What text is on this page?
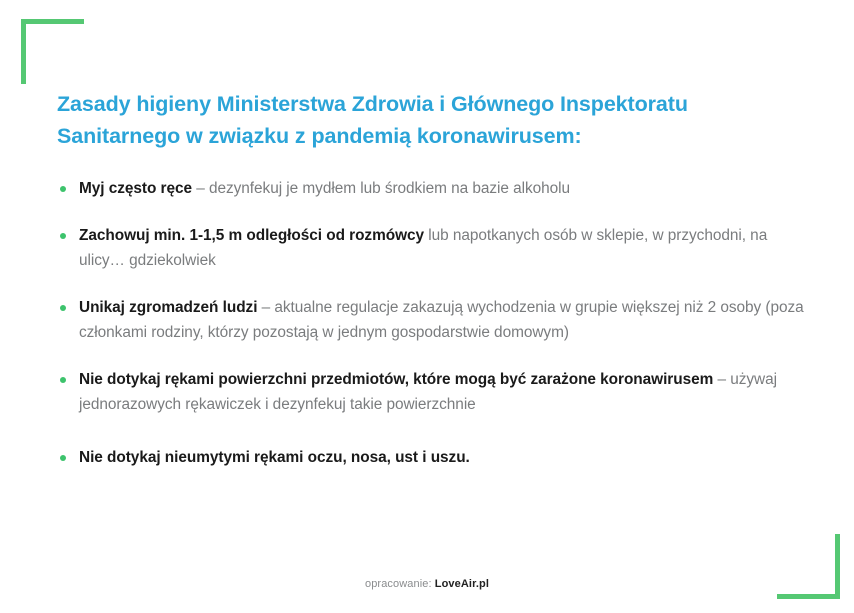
Zasady higieny Ministerstwa Zdrowia i Głównego Inspektoratu
Sanitarnego w związku z pandemią koronawirusem:
Myj często ręce – dezynfekuj je mydłem lub środkiem na bazie alkoholu
Zachowuj min. 1-1,5 m odległości od rozmówcy lub napotkanych osób w sklepie, w przychodni, na ulicy… gdziekolwiek
Unikaj zgromadzeń ludzi – aktualne regulacje zakazują wychodzenia w grupie większej niż 2 osoby (poza członkami rodziny, którzy pozostają w jednym gospodarstwie domowym)
Nie dotykaj rękami powierzchni przedmiotów, które mogą być zarażone koronawirusem – używaj jednorazowych rękawiczek i dezynfekuj takie powierzchnie
Nie dotykaj nieumytymi rękami oczu, nosa, ust i uszu.
opracowanie: LoveAir.pl
